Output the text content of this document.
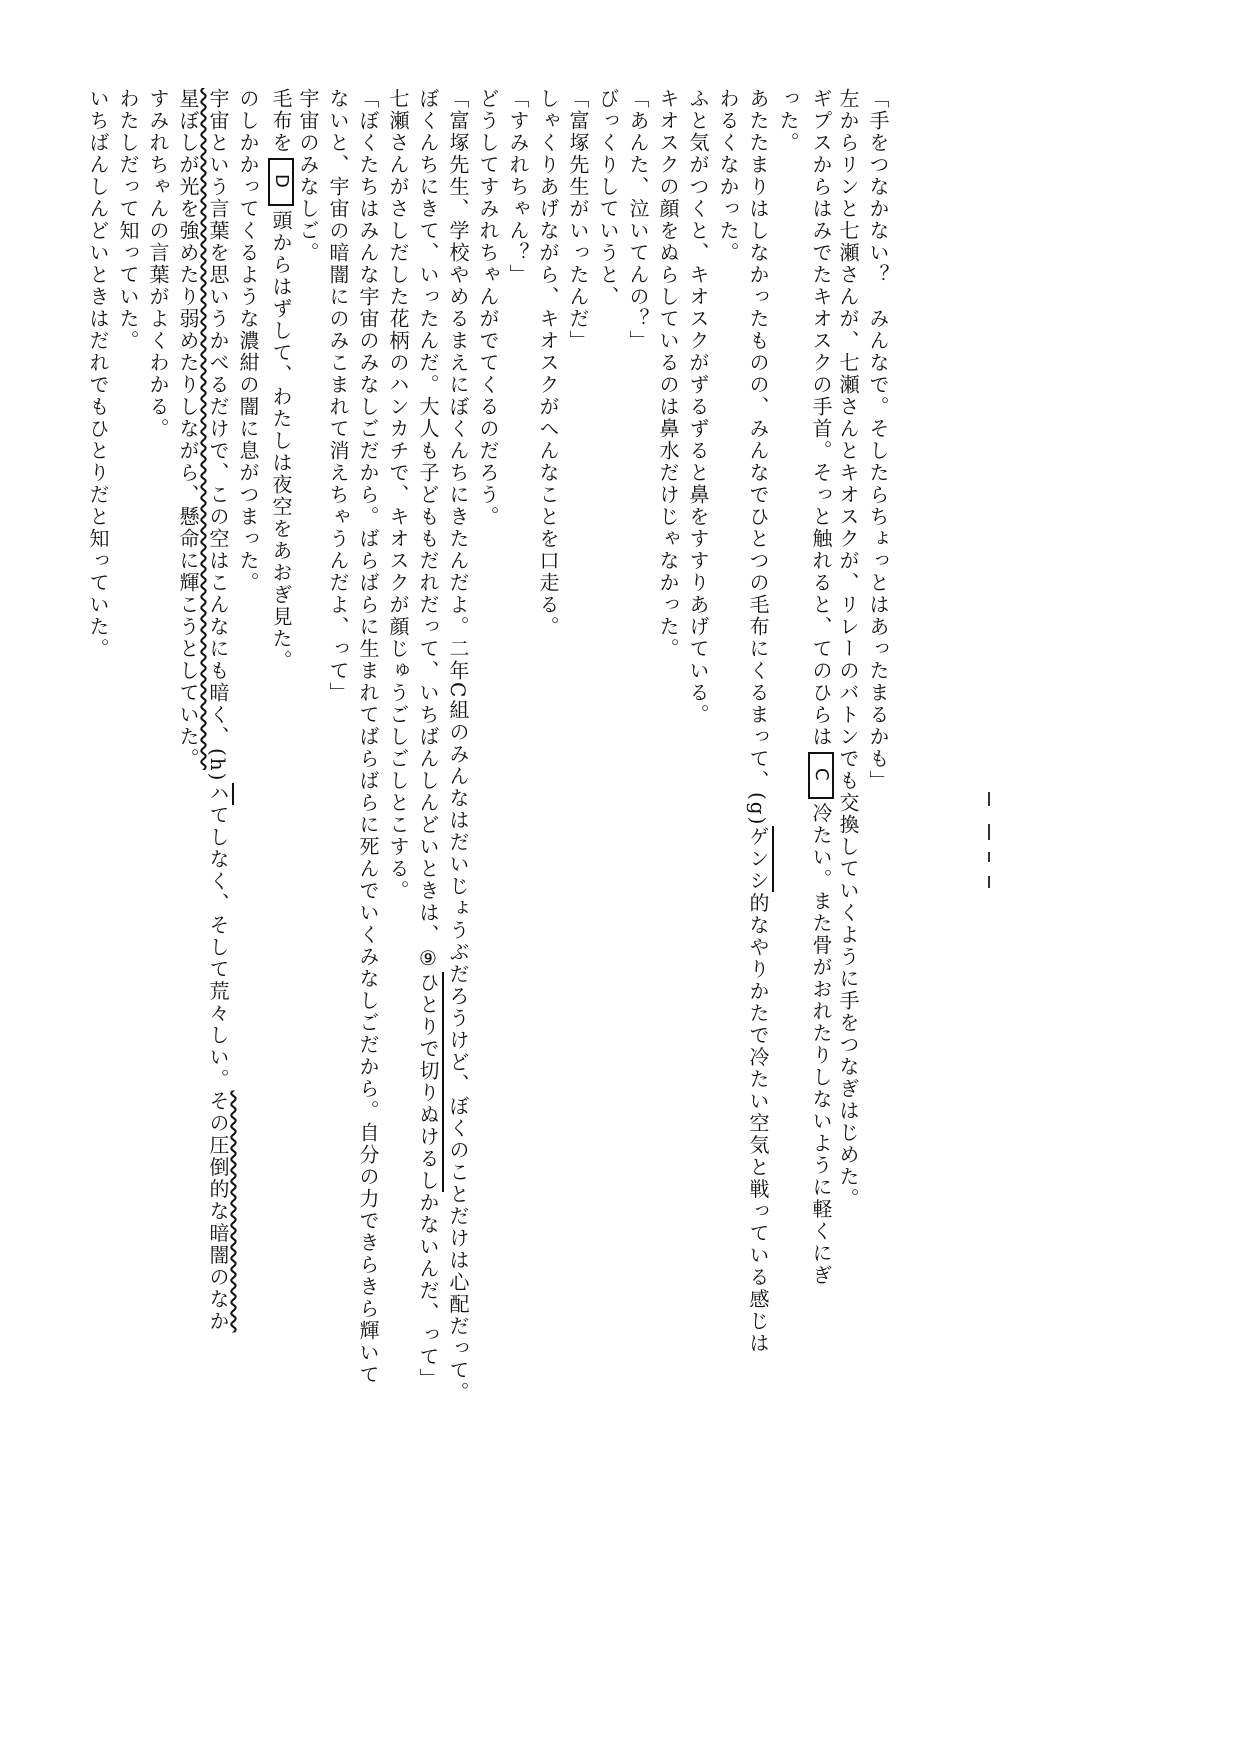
「手をつなかない？　みんなで。そしたらちょっとはあったまるかも」
左からリンと七瀬さんが、七瀬さんとキオスクが、リレーのバトンでも交換していくように手をつなぎはじめた。
ギプスからはみでたキオスクの手首。そっと触れると、てのひらはC冷たい。また骨がおれたりしないように軽くにぎ
った。
あたたまりはしなかったものの、みんなでひとつの毛布にくるまって、(g)ゲンシ的なやりかたで冷たい空気と戦っている感じは
わるくなかった。
ふと気がつくと、キオスクがずるずると鼻をすすりあげている。
キオスクの顔をぬらしているのは鼻水だけじゃなかった。
「あんた、泣いてんの？」
びっくりしていうと、
「富塚先生がいったんだ」
しゃくりあげながら、キオスクがへんなことを口走る。
「すみれちゃん？」
どうしてすみれちゃんがでてくるのだろう。
「富塚先生、学校やめるまえにぼくんちにきたんだよ。二年C組のみんなはだいじょうぶだろうけど、ぼくのことだけは心配だって。
ぼくんちにきて、いったんだ。大人も子どももだれだって、いちばんしんどいときは、⑨ひとりで切りぬけるしかないんだ、って」
七瀬さんがさしだした花柄のハンカチで、キオスクが顔じゅうごしごしとこする。
「ぼくたちはみんな宇宙のみなしごだから。ばらばらに生まれてばらばらに死んでいくみなしごだから。自分の力できらきら輝いて
ないと、宇宙の暗闇にのみこまれて消えちゃうんだよ、って」
宇宙のみなしご。
毛布をD頭からはずして、わたしは夜空をあおぎ見た。
のしかかってくるような濃紺の闇に息がつまった。
宇宙という言葉を思いうかべるだけで、この空はこんなにも暗く、(h)ハてしなく、そして荒々しい。その圧倒的な暗闇のなか
星ぼしが光を強めたり弱めたりしながら、懸命に輝こうとしていた。
すみれちゃんの言葉がよくわかる。
わたしだって知っていた。
いちばんしんどいときはだれでもひとりだと知っていた。
